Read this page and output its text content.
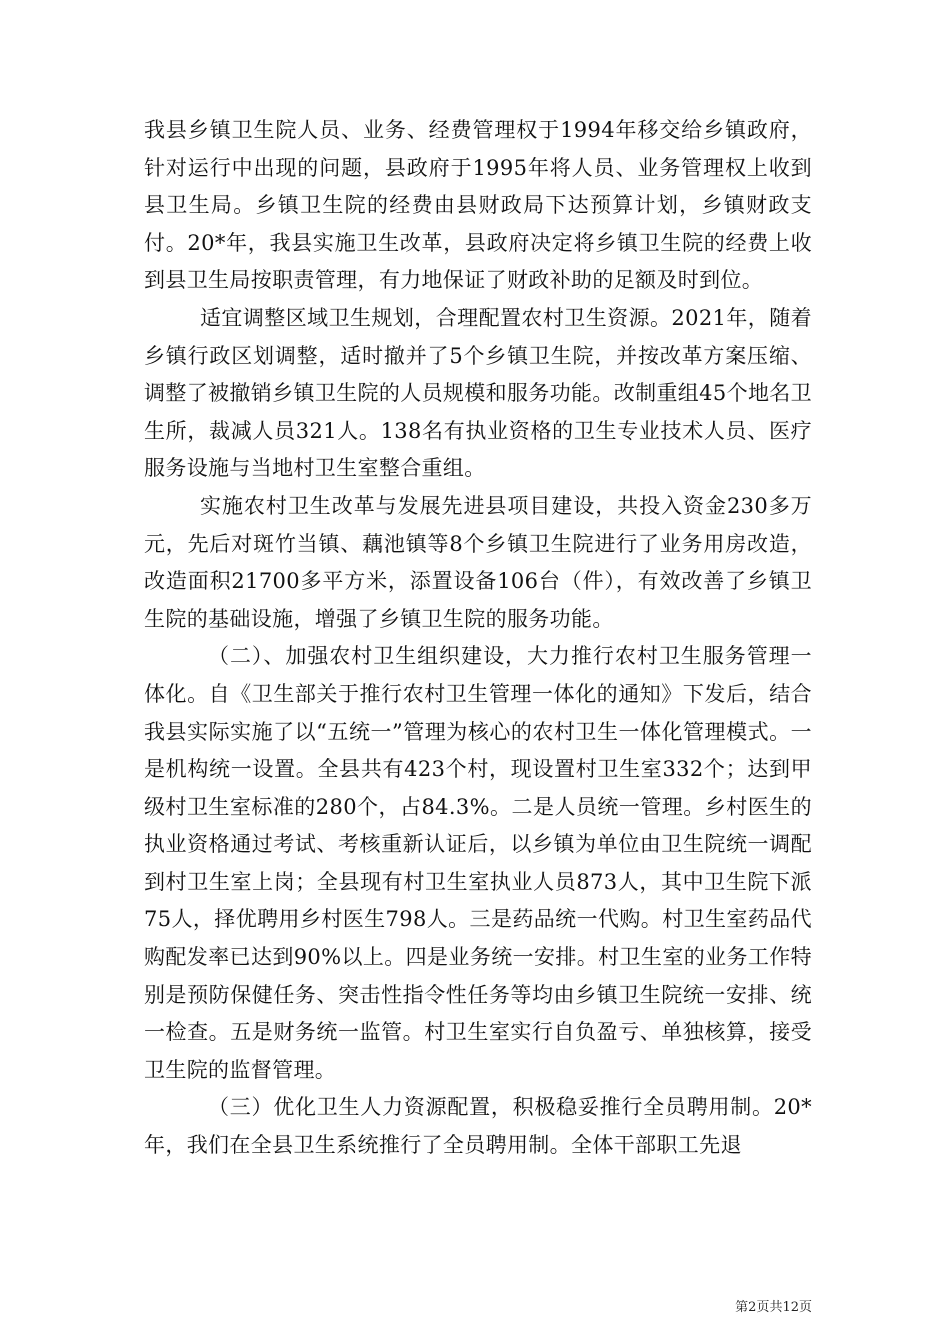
我县乡镇卫生院人员、业务、经费管理权于1994年移交给乡镇政府，针对运行中出现的问题，县政府于1995年将人员、业务管理权上收到县卫生局。乡镇卫生院的经费由县财政局下达预算计划，乡镇财政支付。20*年，我县实施卫生改革，县政府决定将乡镇卫生院的经费上收到县卫生局按职责管理，有力地保证了财政补助的足额及时到位。

适宜调整区域卫生规划，合理配置农村卫生资源。2021年，随着乡镇行政区划调整，适时撤并了5个乡镇卫生院，并按改革方案压缩、调整了被撤销乡镇卫生院的人员规模和服务功能。改制重组45个地名卫生所，裁减人员321人。138名有执业资格的卫生专业技术人员、医疗服务设施与当地村卫生室整合重组。

实施农村卫生改革与发展先进县项目建设，共投入资金230多万元，先后对斑竹当镇、藕池镇等8个乡镇卫生院进行了业务用房改造，改造面积21700多平方米，添置设备106台（件），有效改善了乡镇卫生院的基础设施，增强了乡镇卫生院的服务功能。

（二）、加强农村卫生组织建设，大力推行农村卫生服务管理一体化。自《卫生部关于推行农村卫生管理一体化的通知》下发后，结合我县实际实施了以“五统一”管理为核心的农村卫生一体化管理模式。一是机构统一设置。全县共有423个村，现设置村卫生室332个；达到甲级村卫生室标准的280个，占84.3%。二是人员统一管理。乡村医生的执业资格通过考试、考核重新认证后，以乡镇为单位由卫生院统一调配到村卫生室上岗；全县现有村卫生室执业人员873人，其中卫生院下派75人，择优聘用乡村医生798人。三是药品统一代购。村卫生室药品代购配发率已达到90%以上。四是业务统一安排。村卫生室的业务工作特别是预防保健任务、突击性指令性任务等均由乡镇卫生院统一安排、统一检查。五是财务统一监管。村卫生室实行自负盈亏、单独核算，接受卫生院的监督管理。

（三）优化卫生人力资源配置，积极稳妥推行全员聘用制。20*年，我们在全县卫生系统推行了全员聘用制。全体干部职工先退

第2页共12页
